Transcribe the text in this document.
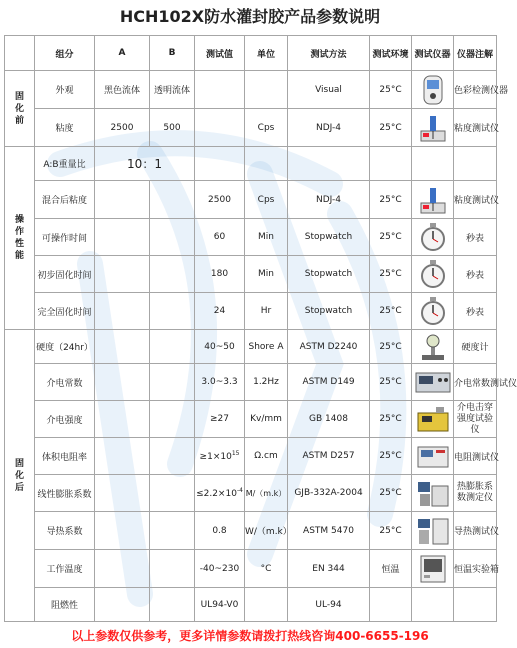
HCH102X防水灌封胶产品参数说明
	组分	A	B	测试值	单位	测试方法	测试环境	测试仪器	仪器注解
固
化
前	外观	黑色流体	透明流体			Visual	25°C		色彩检测仪器
	粘度	2500	500		Cps	NDJ-4	25°C		粘度测试仪
操
作
性
能	A:B重量比	10：1							
	混合后粘度			2500	Cps	NDJ-4	25°C		粘度测试仪
	可操作时间			60	Min	Stopwatch	25°C		秒表
	初步固化时间			180	Min	Stopwatch	25°C		秒表
	完全固化时间			24	Hr	Stopwatch	25°C		秒表
固
化
后	硬度（24hr）			40~50	Shore A	ASTM D2240	25°C		硬度计
	介电常数			3.0~3.3	1.2Hz	ASTM D149	25°C		介电常数测试仪
	介电强度			≥27	Kv/mm	GB 1408	25°C		介电击穿强度试验仪
	体积电阻率			$\ge 1\times 10^{15}$	Ω.cm	ASTM D257	25°C		电阻测试仪
	线性膨胀系数			$\le 2.2\times 10^{-4}$	M/（m.k）	GJB-332A-2004	25°C		热膨胀系数测定仪
	导热系数			0.8	W/（m.k）	ASTM 5470	25°C		导热测试仪
	工作温度			-40~230	°C	EN 344	恒温		恒温实验箱
	阻燃性			UL94-V0		UL-94			
以上参数仅供参考，更多详情参数请拨打热线咨询400-6655-196
